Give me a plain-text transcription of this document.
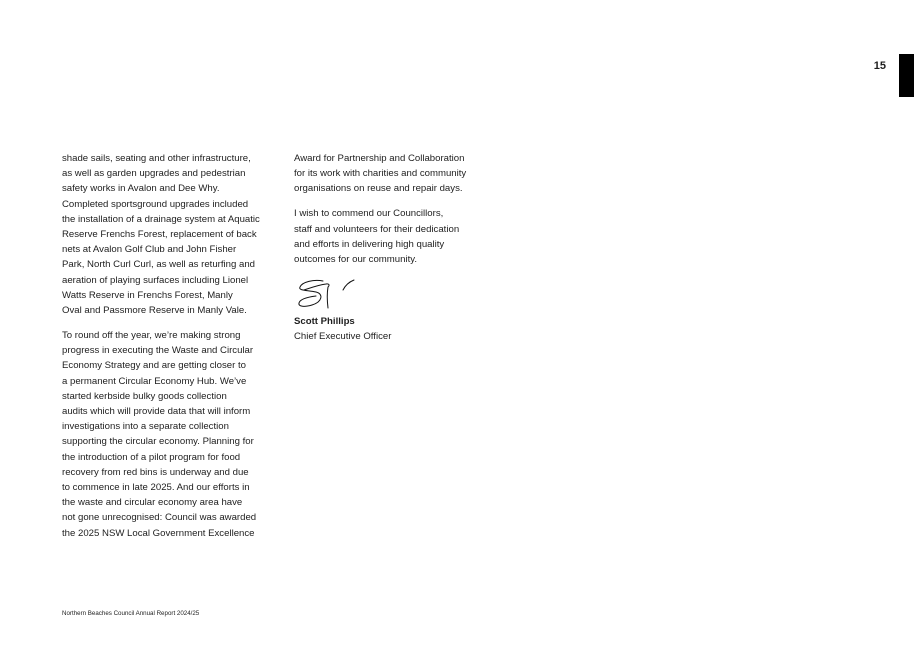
15

shade sails, seating and other infrastructure,
as well as garden upgrades and pedestrian
safety works in Avalon and Dee Why.
Completed sportsground upgrades included
the installation of a drainage system at Aquatic
Reserve Frenchs Forest, replacement of back
nets at Avalon Golf Club and John Fisher
Park, North Curl Curl, as well as returfing and
aeration of playing surfaces including Lionel
Watts Reserve in Frenchs Forest, Manly
Oval and Passmore Reserve in Manly Vale.

To round off the year, we’re making strong
progress in executing the Waste and Circular
Economy Strategy and are getting closer to
a permanent Circular Economy Hub. We’ve
started kerbside bulky goods collection
audits which will provide data that will inform
investigations into a separate collection
supporting the circular economy. Planning for
the introduction of a pilot program for food
recovery from red bins is underway and due
to commence in late 2025. And our efforts in
the waste and circular economy area have
not gone unrecognised: Council was awarded
the 2025 NSW Local Government Excellence

Award for Partnership and Collaboration
for its work with charities and community
organisations on reuse and repair days.

I wish to commend our Councillors,
staff and volunteers for their dedication
and efforts in delivering high quality
outcomes for our community.

Scott Phillips
Chief Executive Officer
Northern Beaches Council Annual Report 2024/25
